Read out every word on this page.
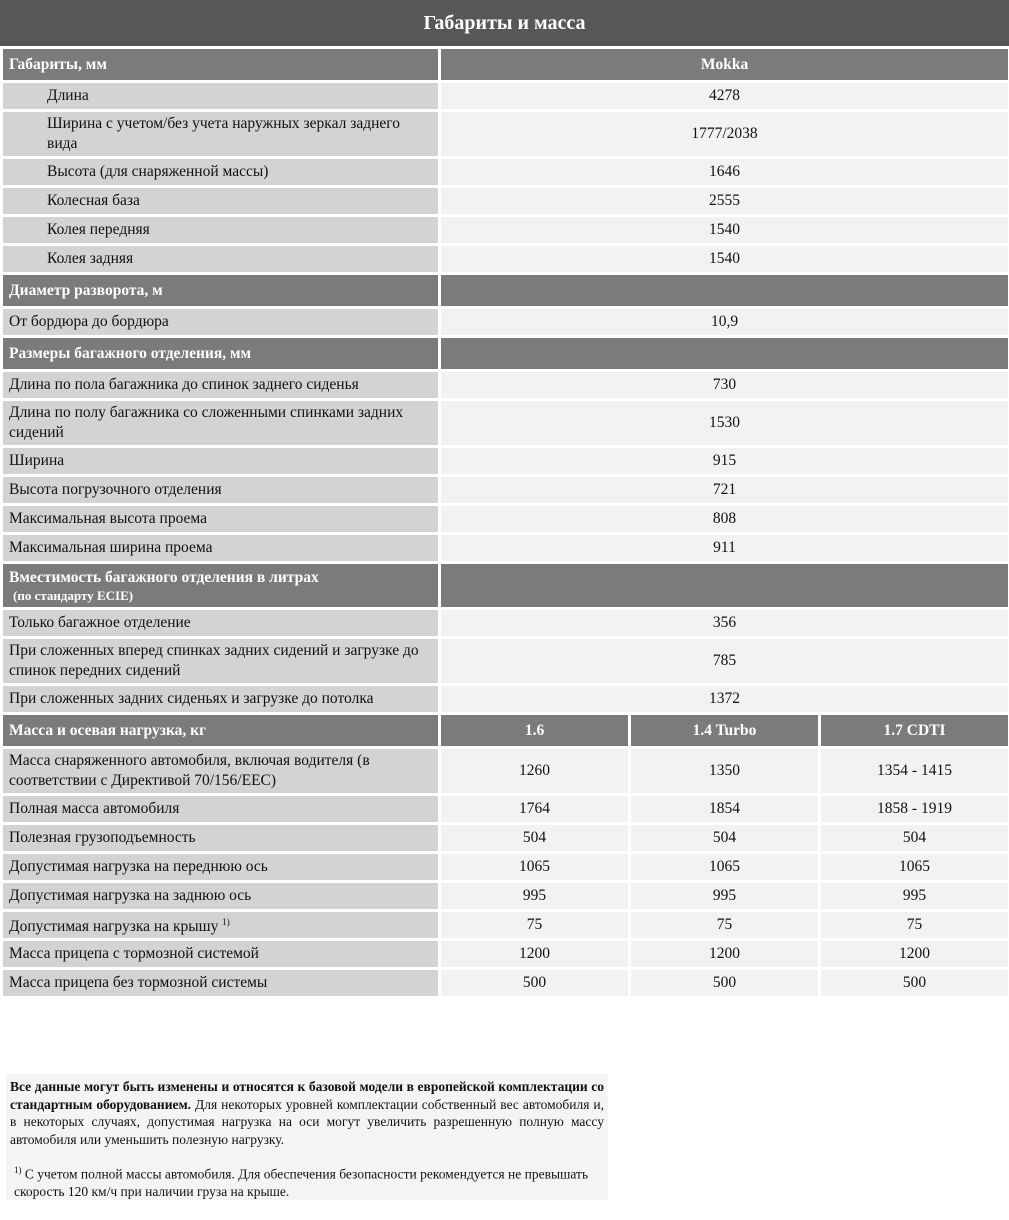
Габариты и масса
Габариты, мм	Mokka		
Длина	4278		
Ширина с учетом/без учета наружных зеркал заднего вида	1777/2038		
Высота (для снаряженной массы)	1646		
Колесная база	2555		
Колея передняя	1540		
Колея задняя	1540		
Диаметр разворота, м			
От бордюра до бордюра	10,9		
Размеры багажного отделения, мм			
Длина по пола багажника до спинок заднего сиденья	730		
Длина по полу багажника со сложенными спинками задних сидений	1530		
Ширина	915		
Высота погрузочного отделения	721		
Максимальная высота проема	808		
Максимальная ширина проема	911		
Вместимость багажного отделения в литрах
(по стандарту ECIE)			

Только багажное отделение	356		
При сложенных вперед спинках задних сидений и загрузке до спинок передних сидений	785		
При сложенных задних сиденьях и загрузке до потолка	1372		
Масса и осевая нагрузка, кг	1.6	1.4 Turbo	1.7 CDTI
Масса снаряженного автомобиля, включая водителя (в соответствии с Директивой 70/156/EEC)	1260	1350	1354 - 1415
Полная масса автомобиля	1764	1854	1858 - 1919
Полезная грузоподъемность	504	504	504
Допустимая нагрузка на переднюю ось	1065	1065	1065
Допустимая нагрузка на заднюю ось	995	995	995
Допустимая нагрузка на крышу $^{1)}$	75	75	75
Масса прицепа с тормозной системой	1200	1200	1200
Масса прицепа без тормозной системы	500	500	500

Все данные могут быть изменены и относятся к базовой модели в европейской комплектации со стандартным оборудованием. Для некоторых уровней комплектации собственный вес автомобиля и, в некоторых случаях, допустимая нагрузка на оси могут увеличить разрешенную полную массу автомобиля или уменьшить полезную нагрузку.

$^{1)}$ С учетом полной массы автомобиля. Для обеспечения безопасности рекомендуется не превышать скорость 120 км/ч при наличии груза на крыше.
